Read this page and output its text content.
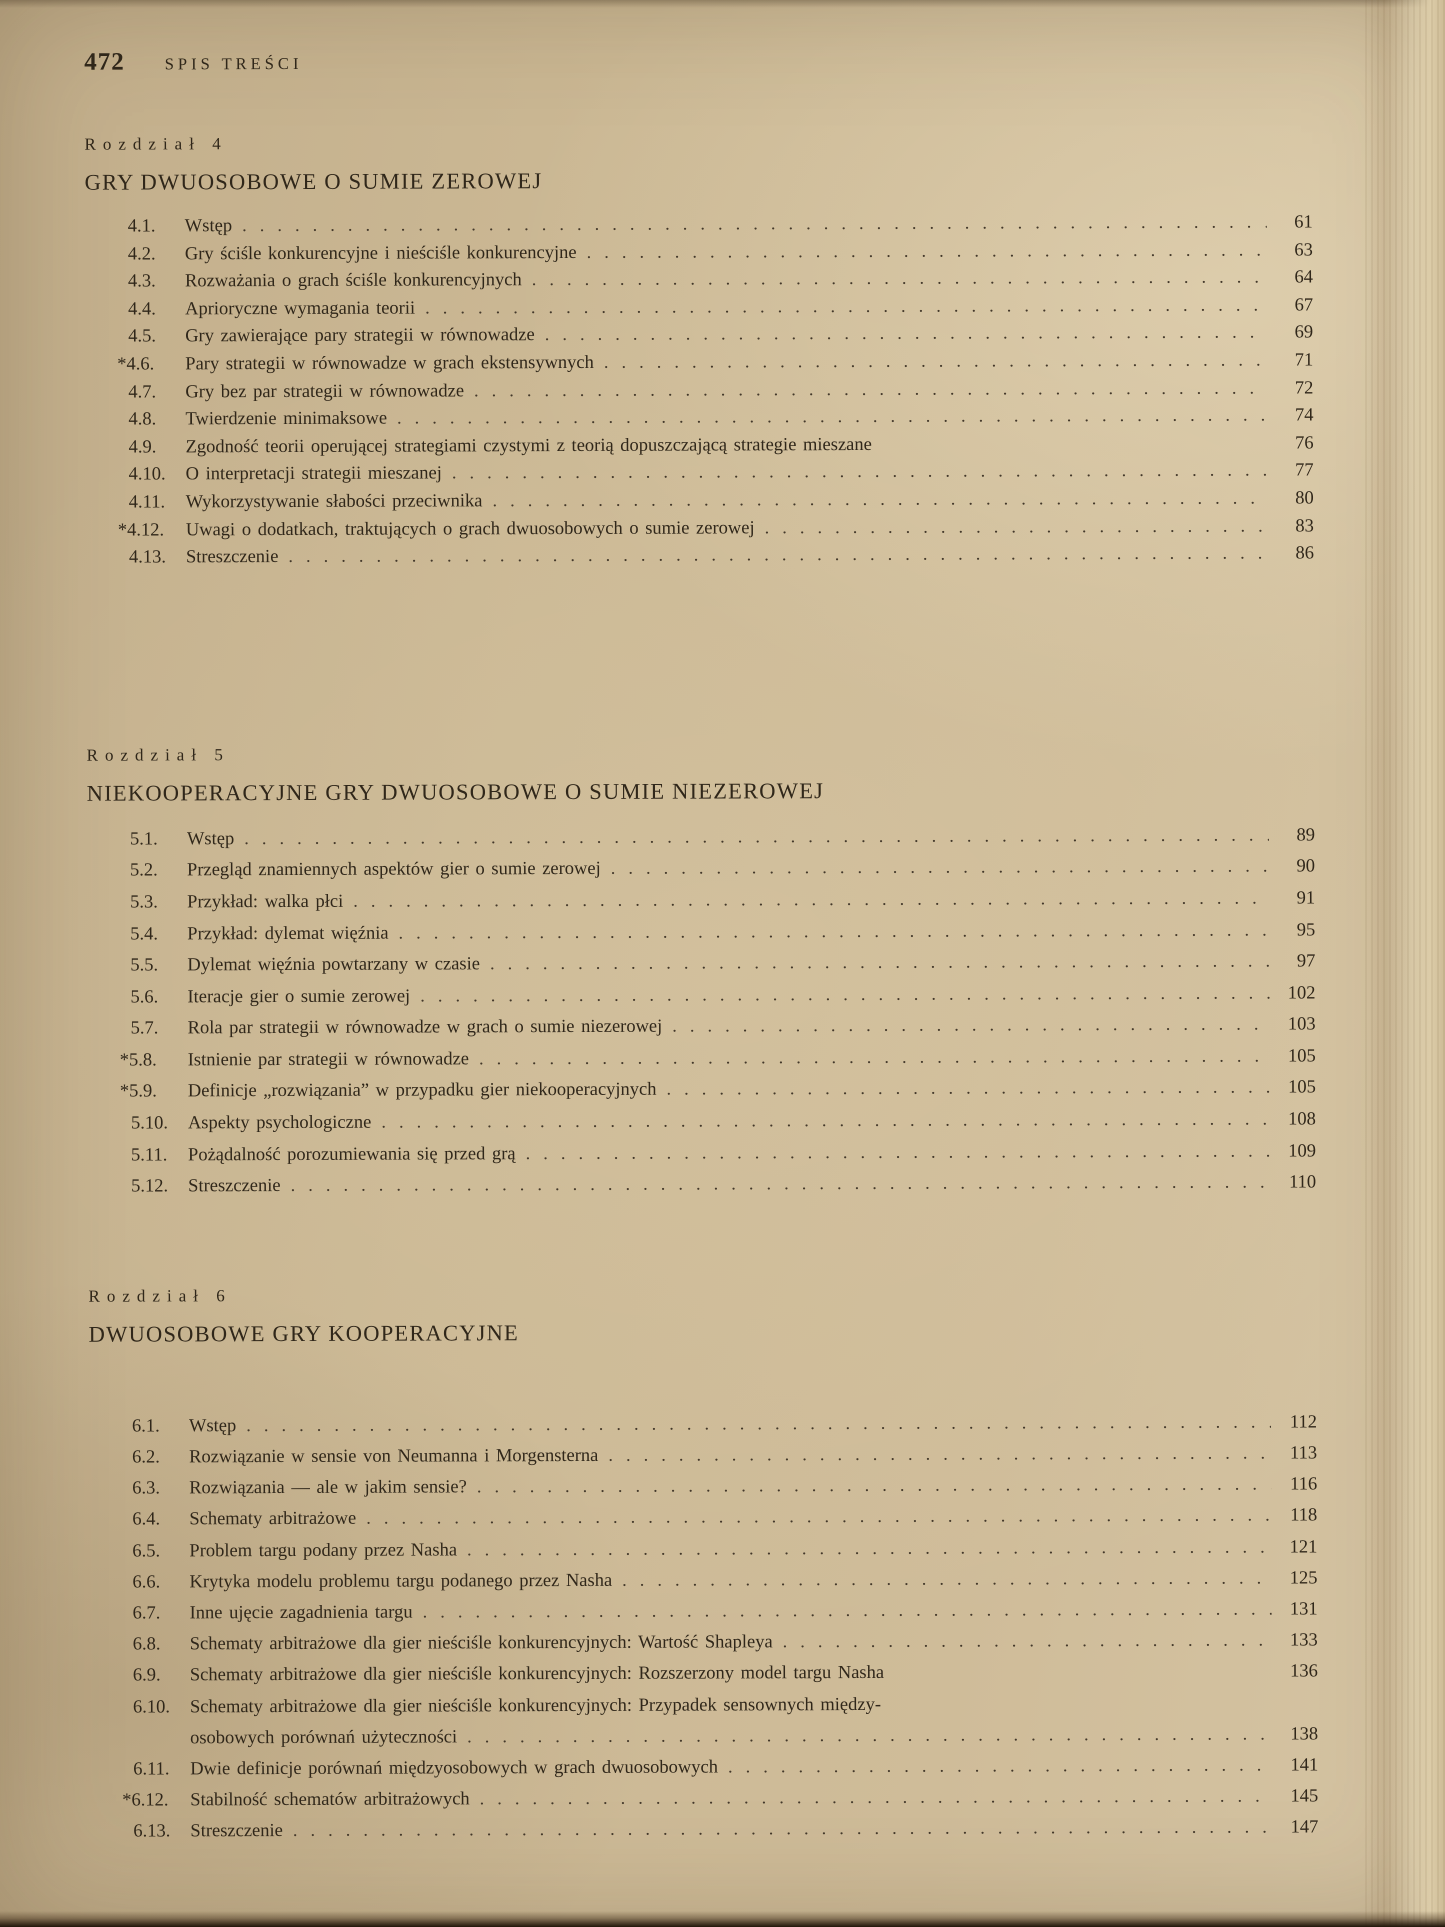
472 SPIS TREŚCI
Rozdział 4
GRY DWUOSOBOWE O SUMIE ZEROWEJ
4.1.	Wstęp .....	61
4.2.	Gry ściśle konkurencyjne i nieściśle konkurencyjne .....	63
4.3.	Rozważania o grach ściśle konkurencyjnych .....	64
4.4.	Aprioryczne wymagania teorii .....	67
4.5.	Gry zawierające pary strategii w równowadze .....	69
*4.6.	Pary strategii w równowadze w grach ekstensywnych .....	71
4.7.	Gry bez par strategii w równowadze .....	72
4.8.	Twierdzenie minimaksowe .....	74
4.9.	Zgodność teorii operującej strategiami czystymi z teorią dopuszczającą strategie mieszane	76
4.10.	O interpretacji strategii mieszanej .....	77
4.11.	Wykorzystywanie słabości przeciwnika .....	80
*4.12.	Uwagi o dodatkach, traktujących o grach dwuosobowych o sumie zerowej .....	83
4.13.	Streszczenie .....	86
Rozdział 5
NIEKOOPERACYJNE GRY DWUOSOBOWE O SUMIE NIEZEROWEJ
5.1.	Wstęp .....	89
5.2.	Przegląd znamiennych aspektów gier o sumie zerowej .....	90
5.3.	Przykład: walka płci .....	91
5.4.	Przykład: dylemat więźnia .....	95
5.5.	Dylemat więźnia powtarzany w czasie .....	97
5.6.	Iteracje gier o sumie zerowej .....	102
5.7.	Rola par strategii w równowadze w grach o sumie niezerowej .....	103
*5.8.	Istnienie par strategii w równowadze .....	105
*5.9.	Definicje „rozwiązania” w przypadku gier niekooperacyjnych .....	105
5.10.	Aspekty psychologiczne .....	108
5.11.	Pożądalność porozumiewania się przed grą .....	109
5.12.	Streszczenie .....	110
Rozdział 6
DWUOSOBOWE GRY KOOPERACYJNE
6.1.	Wstęp .....	112
6.2.	Rozwiązanie w sensie von Neumanna i Morgensterna .....	113
6.3.	Rozwiązania — ale w jakim sensie? .....	116
6.4.	Schematy arbitrażowe .....	118
6.5.	Problem targu podany przez Nasha .....	121
6.6.	Krytyka modelu problemu targu podanego przez Nasha .....	125
6.7.	Inne ujęcie zagadnienia targu .....	131
6.8.	Schematy arbitrażowe dla gier nieściśle konkurencyjnych: Wartość Shapleya .....	133
6.9.	Schematy arbitrażowe dla gier nieściśle konkurencyjnych: Rozszerzony model targu Nasha	136
6.10.	Schematy arbitrażowe dla gier nieściśle konkurencyjnych: Przypadek sensownych między-
osobowych porównań użyteczności .....	138
6.11.	Dwie definicje porównań międzyosobowych w grach dwuosobowych .....	141
*6.12.	Stabilność schematów arbitrażowych .....	145
6.13.	Streszczenie .....	147
